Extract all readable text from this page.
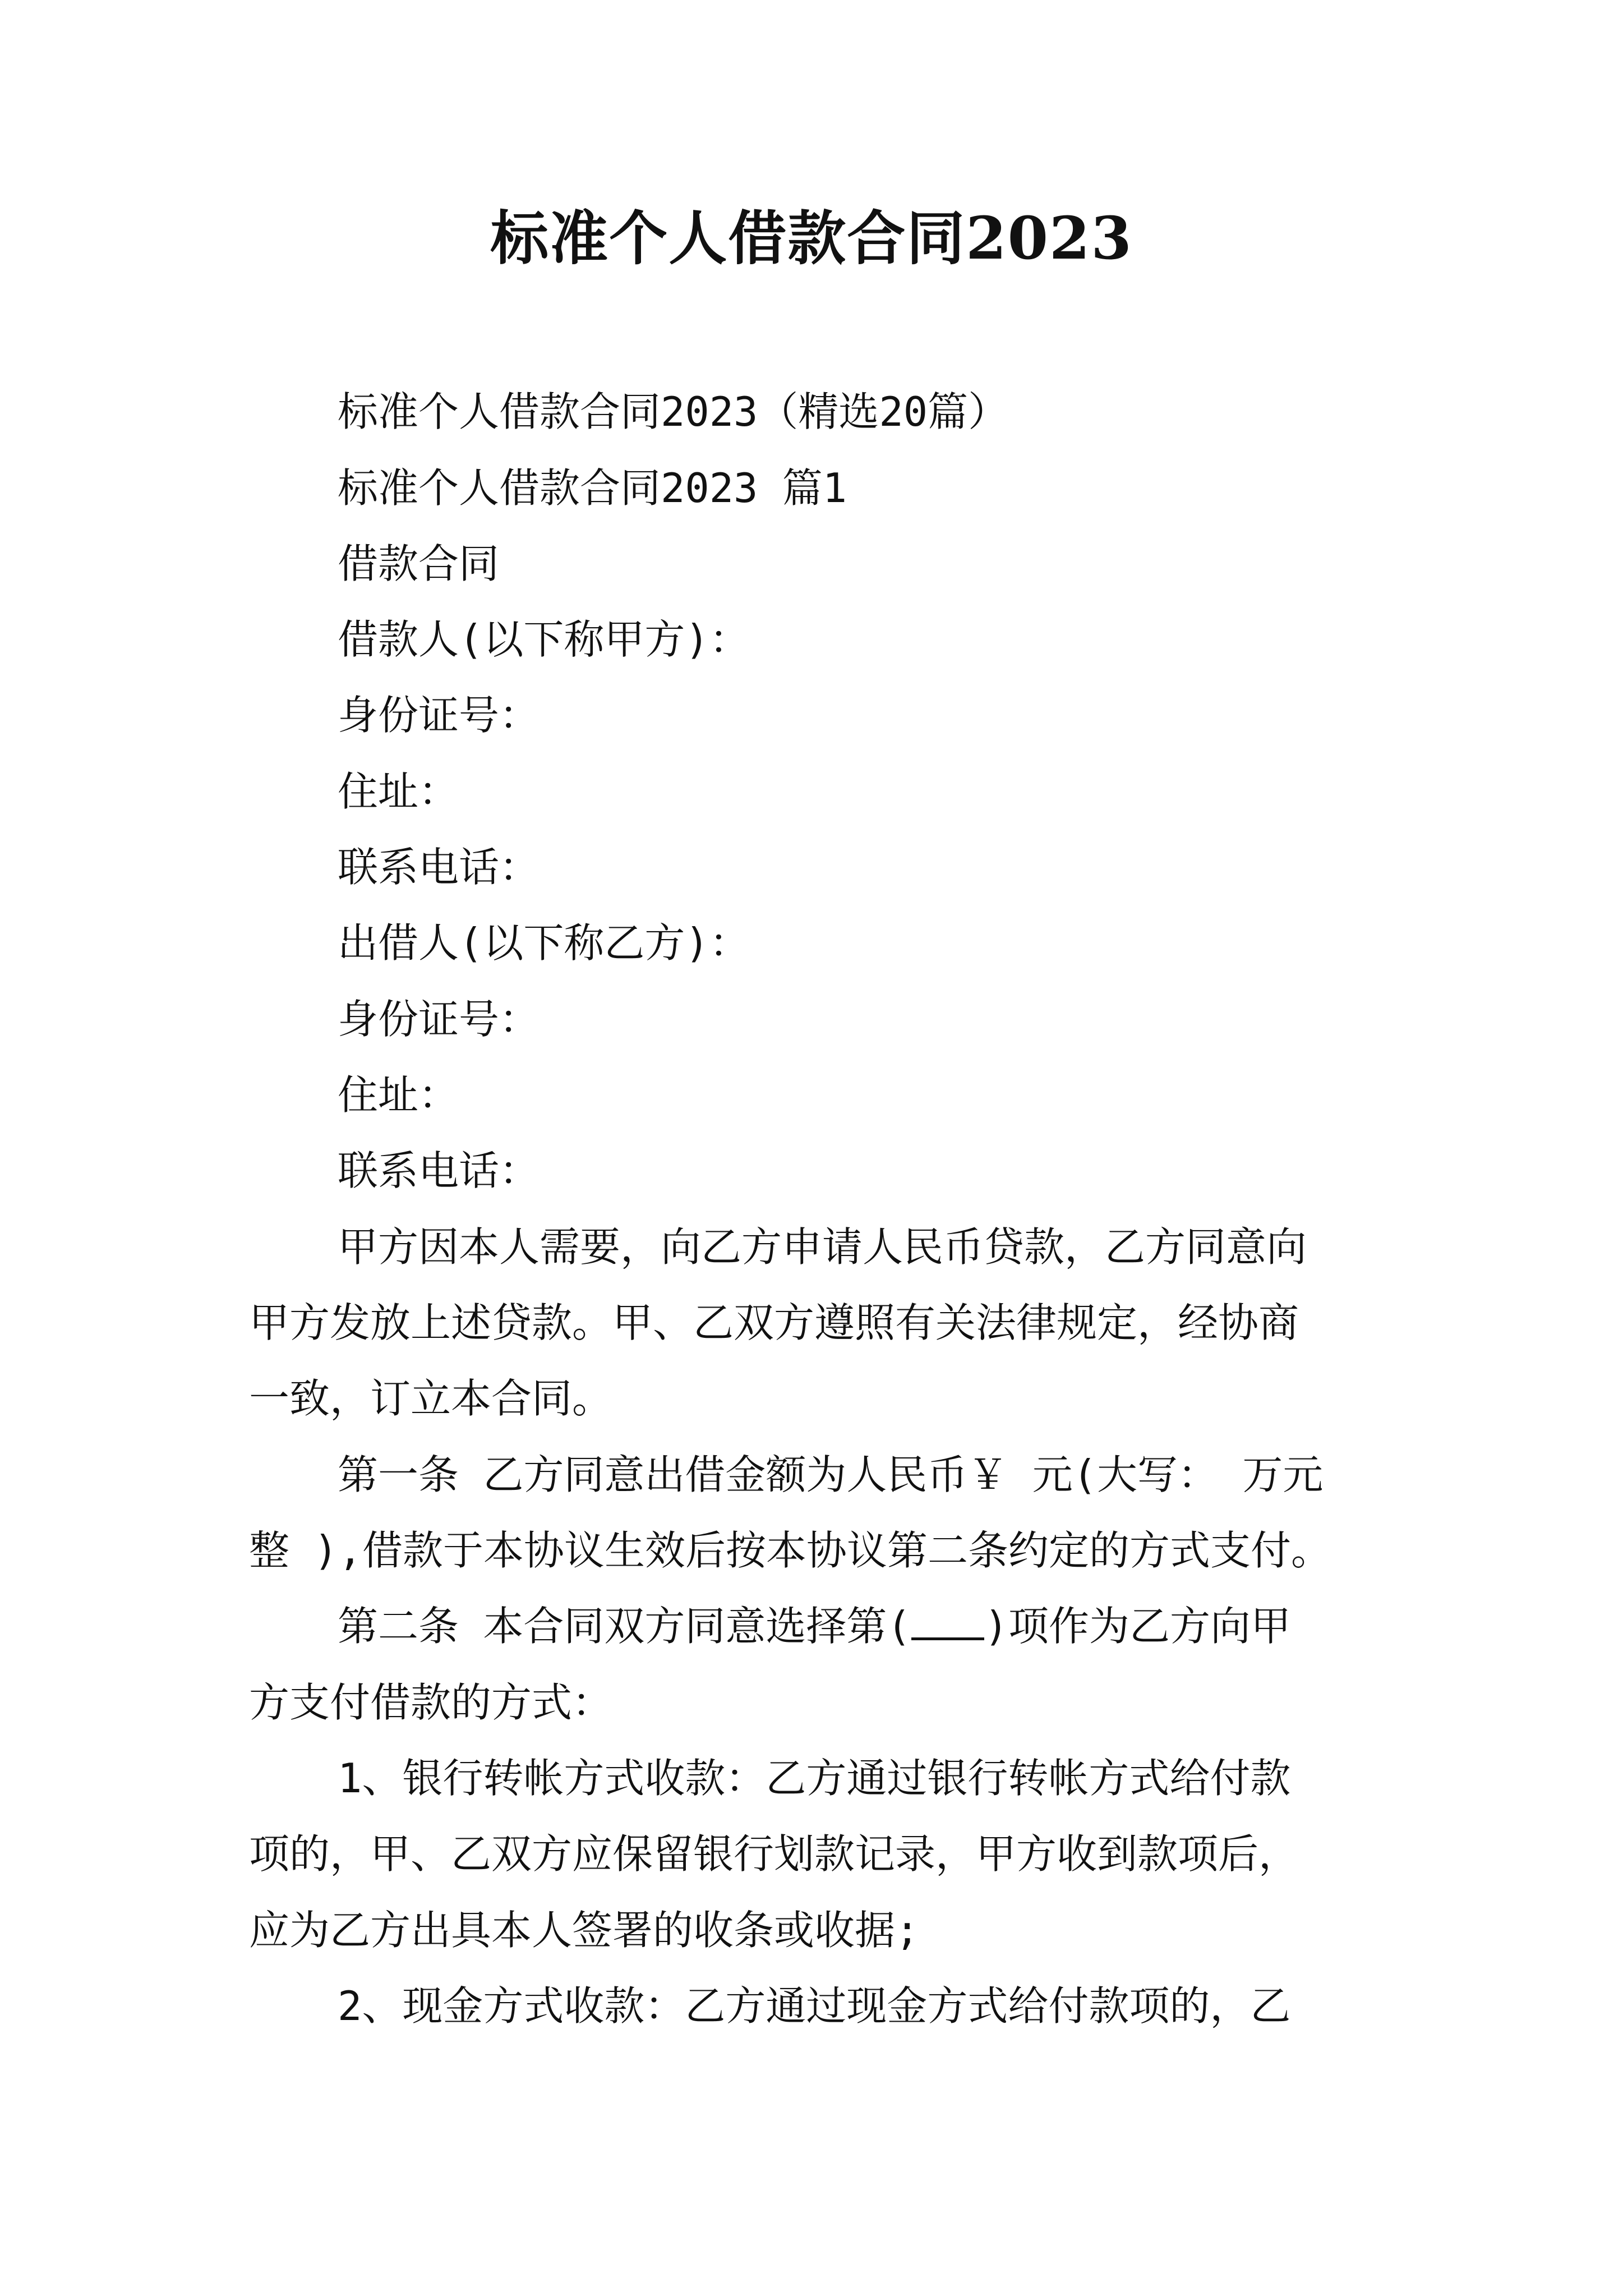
标准个人借款合同2023

标准个人借款合同2023（精选20篇）

标准个人借款合同2023 篇1

借款合同

借款人(以下称甲方)：

身份证号：

住址：

联系电话：

出借人(以下称乙方)：

身份证号：

住址：

联系电话：

甲方因本人需要，向乙方申请人民币贷款，乙方同意向

甲方发放上述贷款。甲、乙双方遵照有关法律规定，经协商

一致，订立本合同。

第一条 乙方同意出借金额为人民币￥ 元(大写： 万元

整 ),借款于本协议生效后按本协议第二条约定的方式支付。

第二条 本合同双方同意选择第( )项作为乙方向甲

方支付借款的方式：

1、银行转帐方式收款：乙方通过银行转帐方式给付款

项的，甲、乙双方应保留银行划款记录，甲方收到款项后，

应为乙方出具本人签署的收条或收据;

2、现金方式收款：乙方通过现金方式给付款项的，乙
